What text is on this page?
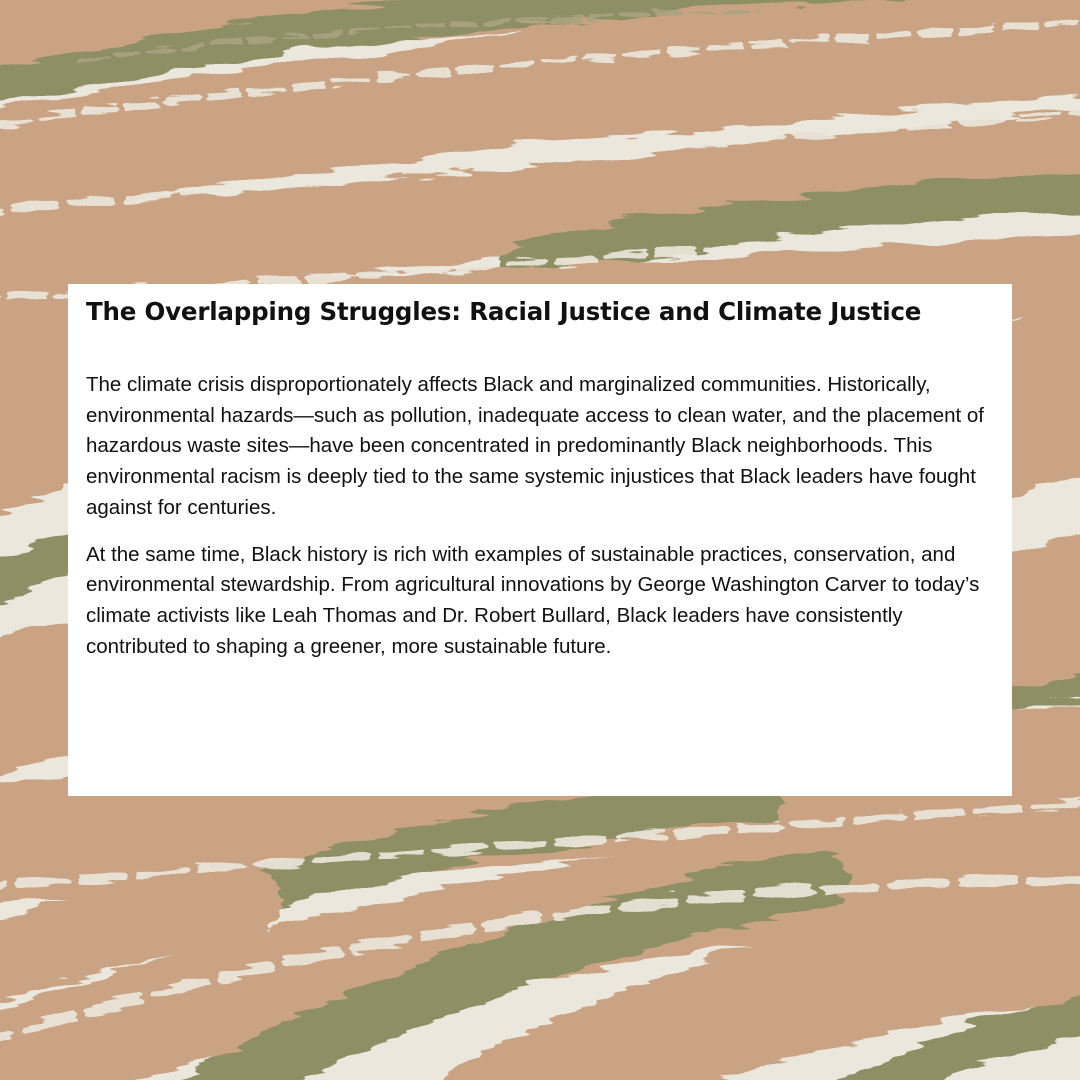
The Overlapping Struggles: Racial Justice and Climate Justice

The climate crisis disproportionately affects Black and marginalized communities. Historically, environmental hazards—such as pollution, inadequate access to clean water, and the placement of hazardous waste sites—have been concentrated in predominantly Black neighborhoods. This environmental racism is deeply tied to the same systemic injustices that Black leaders have fought against for centuries.

At the same time, Black history is rich with examples of sustainable practices, conservation, and environmental stewardship. From agricultural innovations by George Washington Carver to today’s climate activists like Leah Thomas and Dr. Robert Bullard, Black leaders have consistently contributed to shaping a greener, more sustainable future.
